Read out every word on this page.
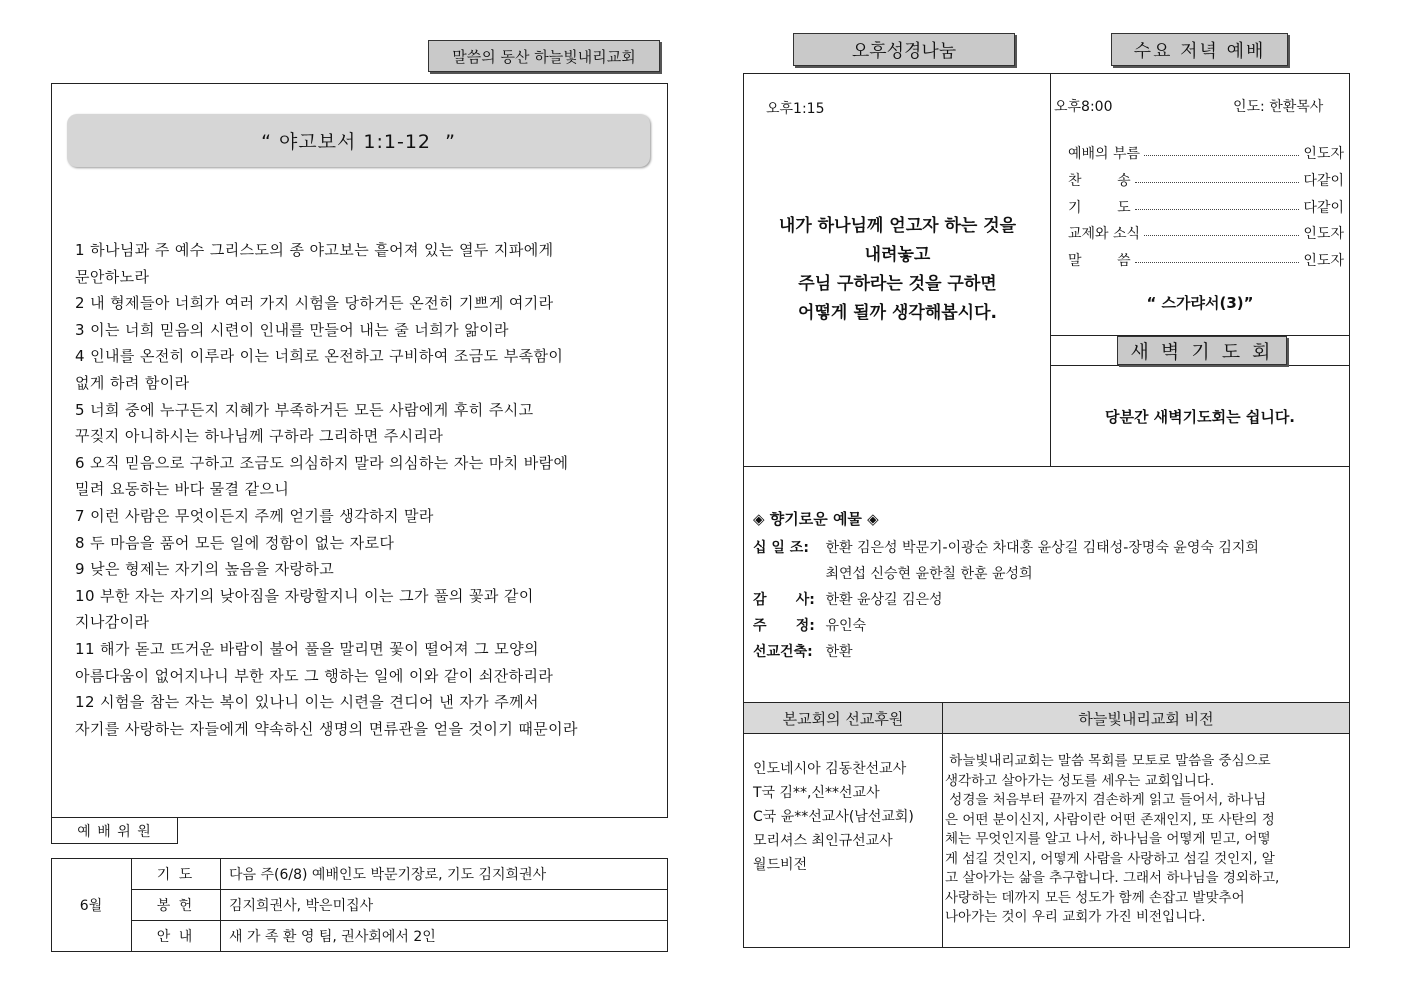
말씀의 동산 하늘빛내리교회
“ 야고보서 1:1-12  ”
1 하나님과 주 예수 그리스도의 종 야고보는 흩어져 있는 열두 지파에게
문안하노라
2 내 형제들아 너희가 여러 가지 시험을 당하거든 온전히 기쁘게 여기라
3 이는 너희 믿음의 시련이 인내를 만들어 내는 줄 너희가 앎이라
4 인내를 온전히 이루라 이는 너희로 온전하고 구비하여 조금도 부족함이
없게 하려 함이라
5 너희 중에 누구든지 지혜가 부족하거든 모든 사람에게 후히 주시고
꾸짖지 아니하시는 하나님께 구하라 그리하면 주시리라
6 오직 믿음으로 구하고 조금도 의심하지 말라 의심하는 자는 마치 바람에
밀려 요동하는 바다 물결 같으니
7 이런 사람은 무엇이든지 주께 얻기를 생각하지 말라
8 두 마음을 품어 모든 일에 정함이 없는 자로다
9 낮은 형제는 자기의 높음을 자랑하고
10 부한 자는 자기의 낮아짐을 자랑할지니 이는 그가 풀의 꽃과 같이
지나감이라
11 해가 돋고 뜨거운 바람이 불어 풀을 말리면 꽃이 떨어져 그 모양의
아름다움이 없어지나니 부한 자도 그 행하는 일에 이와 같이 쇠잔하리라
12 시험을 참는 자는 복이 있나니 이는 시련을 견디어 낸 자가 주께서
자기를 사랑하는 자들에게 약속하신 생명의 면류관을 얻을 것이기 때문이라
예 배 위 원
6월
기 도 다음 주(6/8) 예배인도 박문기장로, 기도 김지희권사
봉 헌 김지희권사, 박은미집사
안 내 새 가 족 환 영 팀, 권사회에서 2인
오후성경나눔	수요 저녁 예배
오후1:15
내가 하나님께 얻고자 하는 것을
내려놓고
주님 구하라는 것을 구하면
어떻게 될까 생각해봅시다.
오후8:00	인도: 한환목사
예배의 부름	인도자
찬        송	다같이
기        도	다같이
교제와 소식	인도자
말        씀	인도자
“ 스가랴서(3)”
새 벽 기 도 회
당분간 새벽기도회는 쉽니다.
◈ 향기로운 예물 ◈
십 일 조: 한환 김은성 박문기-이광순 차대홍 윤상길 김태성-장명숙 윤영숙 김지희
최연섭 신승현 윤한칠 한훈 윤성희
감      사: 한환 윤상길 김은성
주      정: 유인숙
선교건축: 한환
본교회의 선교후원	하늘빛내리교회 비전
인도네시아 김동찬선교사
T국 김**,신**선교사
C국 윤**선교사(남선교회)
모리셔스 최인규선교사
월드비전
하늘빛내리교회는 말씀 목회를 모토로 말씀을 중심으로
생각하고 살아가는 성도를 세우는 교회입니다.
성경을 처음부터 끝까지 겸손하게 읽고 들어서, 하나님
은 어떤 분이신지, 사람이란 어떤 존재인지, 또 사탄의 정
체는 무엇인지를 알고 나서, 하나님을 어떻게 믿고, 어떻
게 섬길 것인지, 어떻게 사람을 사랑하고 섬길 것인지, 알
고 살아가는 삶을 추구합니다. 그래서 하나님을 경외하고,
사랑하는 데까지 모든 성도가 함께 손잡고 발맞추어
나아가는 것이 우리 교회가 가진 비전입니다.
